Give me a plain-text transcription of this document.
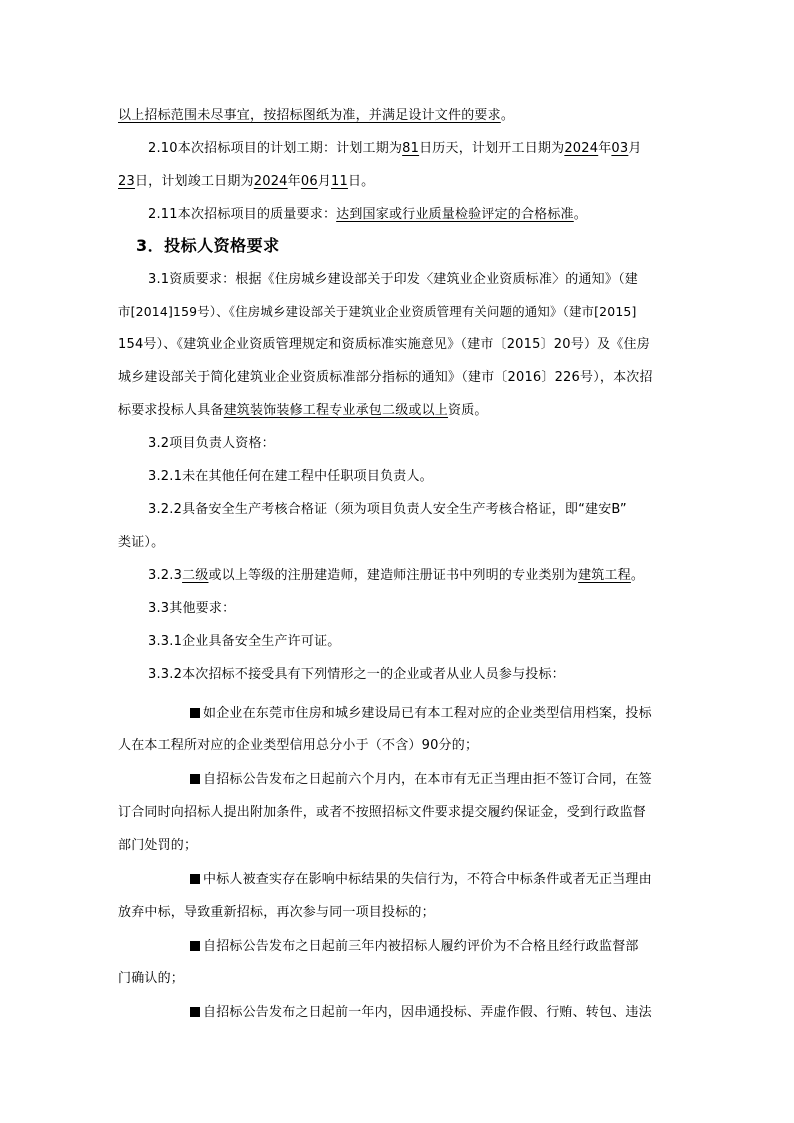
以上招标范围未尽事宜，按招标图纸为准，并满足设计文件的要求。
2.10本次招标项目的计划工期：计划工期为81日历天，计划开工日期为2024年03月
23日，计划竣工日期为2024年06月11日。
2.11本次招标项目的质量要求：达到国家或行业质量检验评定的合格标准。
3．投标人资格要求
3.1资质要求：根据《住房城乡建设部关于印发〈建筑业企业资质标准〉的通知》（建
市[2014]159号）、《住房城乡建设部关于建筑业企业资质管理有关问题的通知》（建市[2015]
154号）、《建筑业企业资质管理规定和资质标准实施意见》（建市〔2015〕20号）及《住房
城乡建设部关于简化建筑业企业资质标准部分指标的通知》（建市〔2016〕226号），本次招
标要求投标人具备建筑装饰装修工程专业承包二级或以上资质。
3.2项目负责人资格：
3.2.1未在其他任何在建工程中任职项目负责人。
3.2.2具备安全生产考核合格证（须为项目负责人安全生产考核合格证，即“建安B”
类证）。
3.2.3二级或以上等级的注册建造师，建造师注册证书中列明的专业类别为建筑工程。
3.3其他要求：
3.3.1企业具备安全生产许可证。
3.3.2本次招标不接受具有下列情形之一的企业或者从业人员参与投标：
如企业在东莞市住房和城乡建设局已有本工程对应的企业类型信用档案，投标
人在本工程所对应的企业类型信用总分小于（不含）90分的；
自招标公告发布之日起前六个月内，在本市有无正当理由拒不签订合同，在签
订合同时向招标人提出附加条件，或者不按照招标文件要求提交履约保证金，受到行政监督
部门处罚的；
中标人被查实存在影响中标结果的失信行为，不符合中标条件或者无正当理由
放弃中标，导致重新招标，再次参与同一项目投标的；
自招标公告发布之日起前三年内被招标人履约评价为不合格且经行政监督部
门确认的；
自招标公告发布之日起前一年内，因串通投标、弄虚作假、行贿、转包、违法
